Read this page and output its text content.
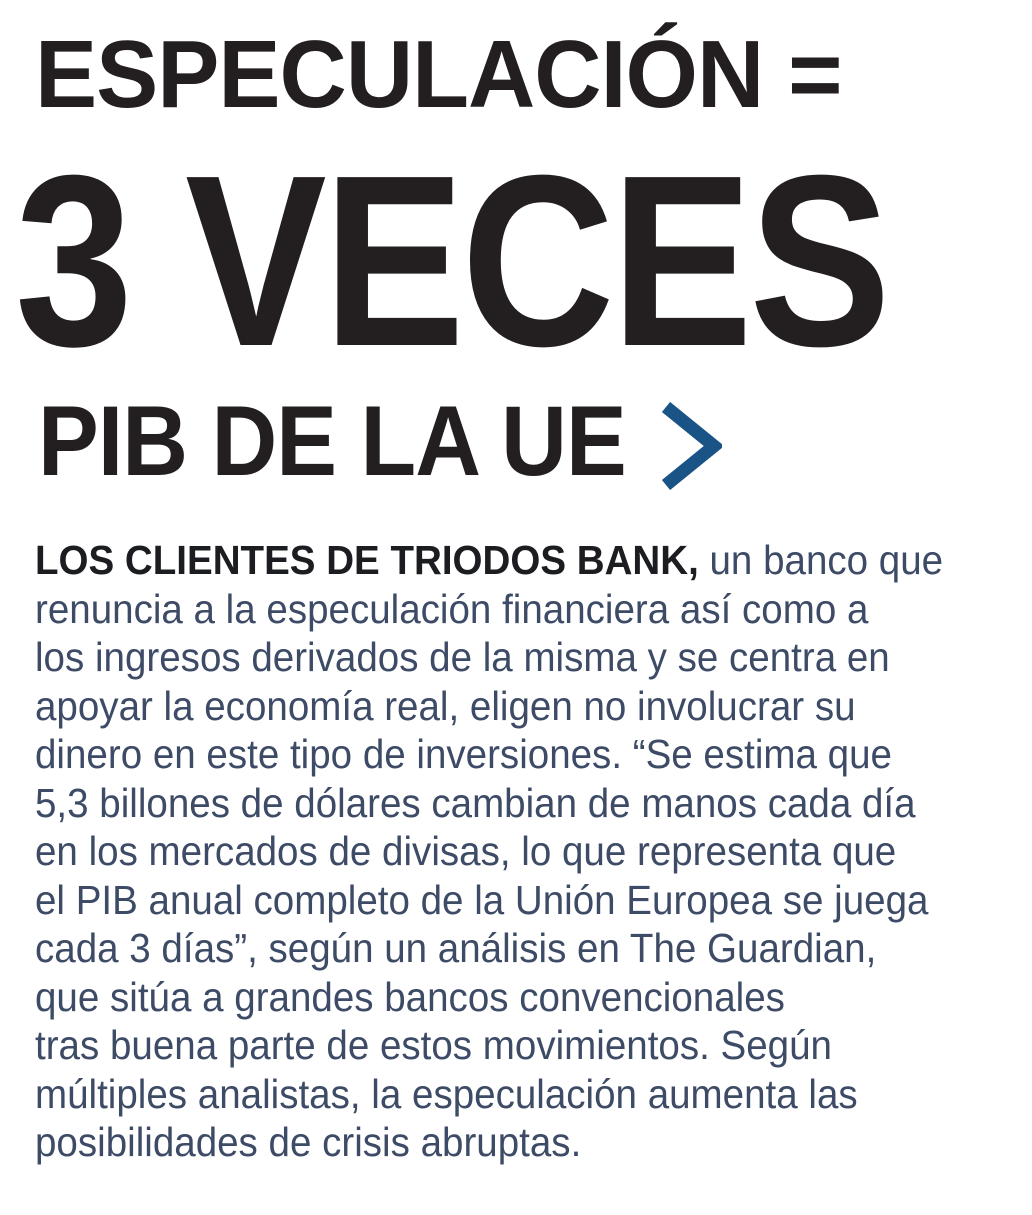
ESPECULACIÓN =
3 VECES
PIB DE LA UE
LOS CLIENTES DE TRIODOS BANK, un banco que
renuncia a la especulación financiera así como a
los ingresos derivados de la misma y se centra en
apoyar la economía real, eligen no involucrar su
dinero en este tipo de inversiones. “Se estima que
5,3 billones de dólares cambian de manos cada día
en los mercados de divisas, lo que representa que
el PIB anual completo de la Unión Europea se juega
cada 3 días”, según un análisis en The Guardian,
que sitúa a grandes bancos convencionales
tras buena parte de estos movimientos. Según
múltiples analistas, la especulación aumenta las
posibilidades de crisis abruptas.
